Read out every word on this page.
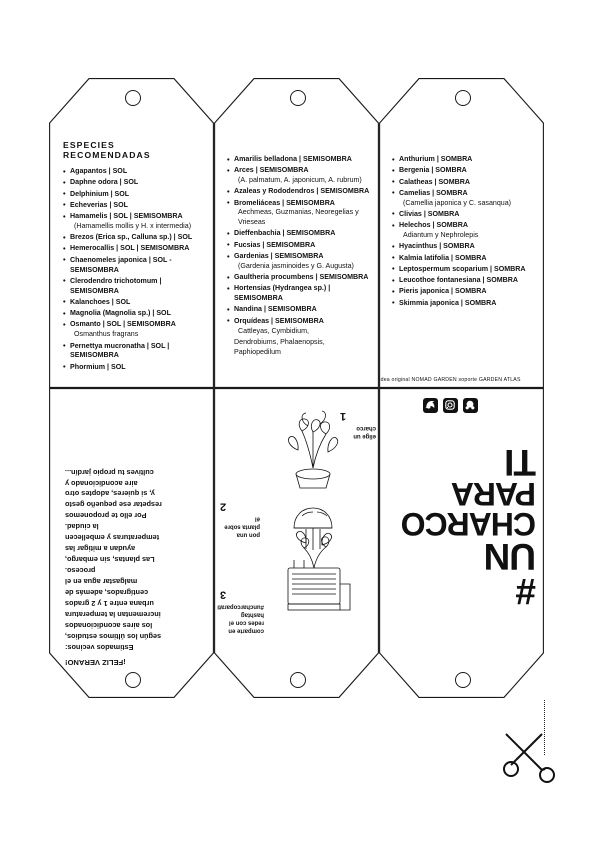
ESPECIES RECOMENDADAS
• Agapantos | SOL
• Daphne odora | SOL
• Delphinium | SOL
• Echeverias | SOL
• Hamamelis | SOL | SEMISOMBRA
(Hamamellis mollis y H. x intermedia)
• Brezos (Erica sp., Calluna sp.) | SOL
• Hemerocallis | SOL | SEMISOMBRA
• Chaenomeles japonica | SOL - SEMISOMBRA
• Clerodendro trichotomum | SEMISOMBRA
• Kalanchoes | SOL
• Magnolia (Magnolia sp.) | SOL
• Osmanto | SOL | SEMISOMBRA
Osmanthus fragrans
• Pernettya mucronatha | SOL | SEMISOMBRA
• Phormium | SOL
• Amarilis belladona | SEMISOMBRA
• Arces | SEMISOMBRA
(A. palmatum, A. japonicum, A. rubrum)
• Azaleas y Rododendros | SEMISOMBRA
• Bromeliáceas | SEMISOMBRA
Aechmeas, Guzmanias, Neoregelias y Vrieseas
• Dieffenbachia | SEMISOMBRA
• Fucsias | SEMISOMBRA
• Gardenias | SEMISOMBRA
(Gardenia jasminoides y G. Augusta)
• Gaultheria procumbens | SEMISOMBRA
• Hortensias (Hydrangea sp.) | SEMISOMBRA
• Nandina | SEMISOMBRA
• Orquídeas | SEMISOMBRA
Cattleyas, Cymbidium,
Dendrobiums, Phalaenopsis, Paphiopedilum
• Anthurium | SOMBRA
• Bergenia | SOMBRA
• Calatheas | SOMBRA
• Camelias | SOMBRA
(Camellia japonica y C. sasanqua)
• Clivias | SOMBRA
• Helechos | SOMBRA
Adiantum y Nephrolepis
• Hyacinthus | SOMBRA
• Kalmia latifolia | SOMBRA
• Leptospermum scoparium | SOMBRA
• Leucothoe fontanesiana | SOMBRA
• Pieris japonica | SOMBRA
• Skimmia japonica | SOMBRA
Idea original NOMAD GARDEN soporte GARDEN ATLAS
¡FELIZ VERANO!
Estimados vecinos:
según los últimos estudios,
los aires acondicionados
incrementan la temperatura
urbana entre 1 y 2 grados
centígrados, además de
malgastar agua en el
proceso.
Las plantas, sin embargo,
ayudan a mitigar las
temperaturas y embellecen
la ciudad.
Por ello te proponemos
respetar ese pequeño gesto
y, si quieres, adoptes otro
aire acondicionado y
cultives tu propio jardín...
elige un charco
1
pon una planta sobre él
2
comparte en redes con el hashtag #uncharcoparati
3	#
UN
CHARCO
PARA
TI
